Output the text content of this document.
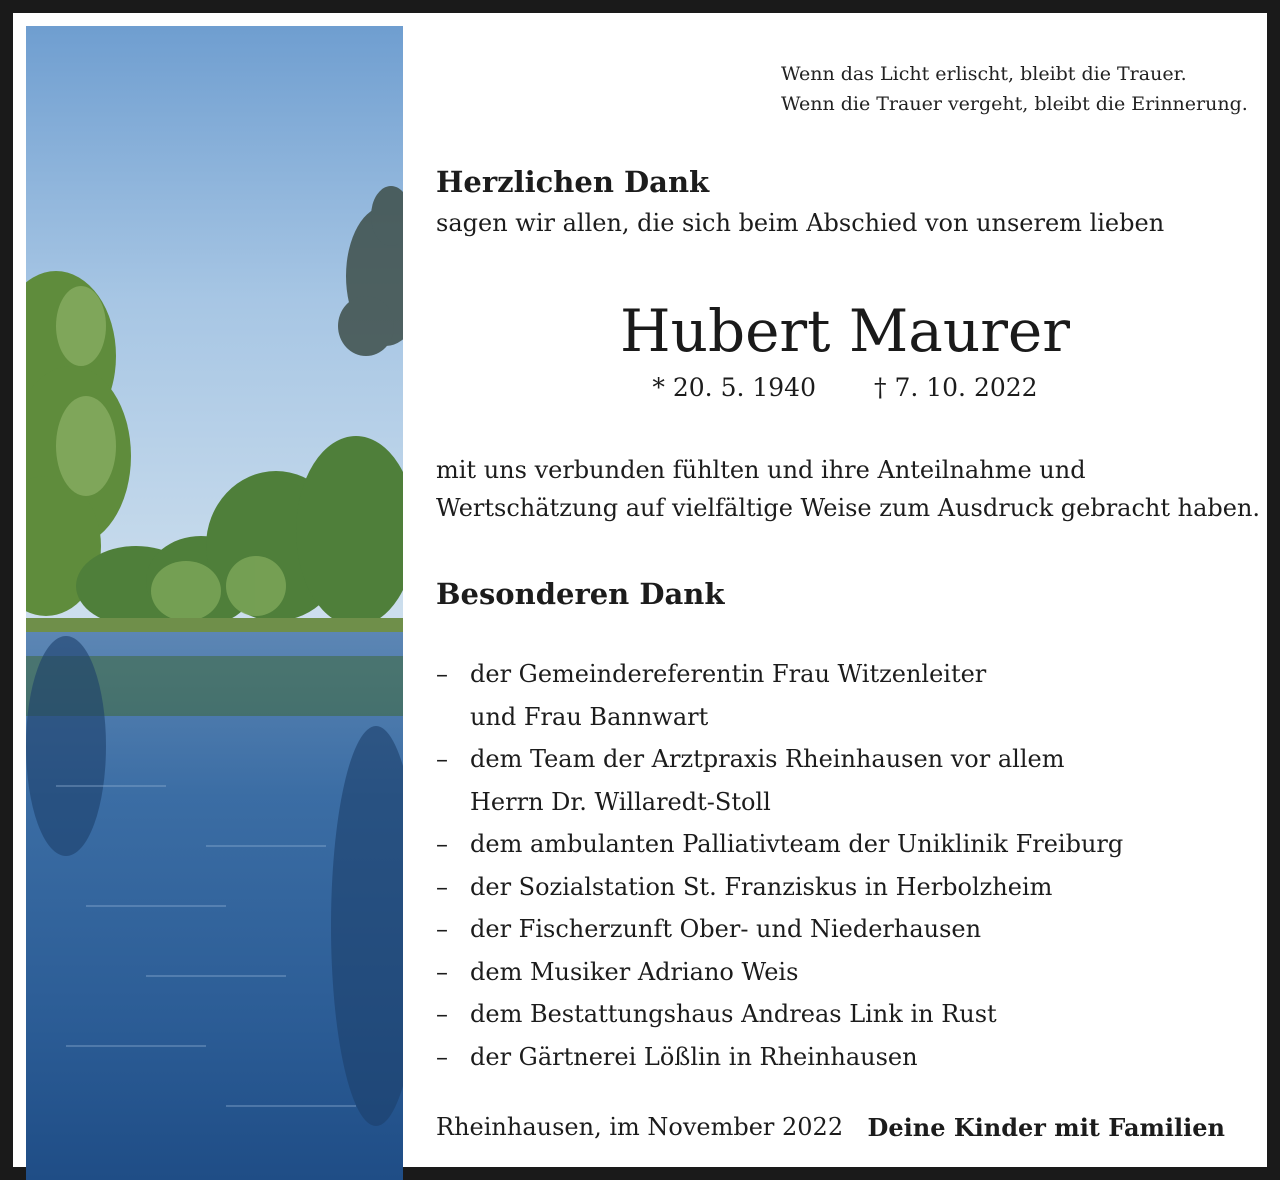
Wenn das Licht erlischt, bleibt die Trauer.
Wenn die Trauer vergeht, bleibt die Erinnerung.
Herzlichen Dank
sagen wir allen, die sich beim Abschied von unserem lieben
Hubert Maurer
* 20. 5. 1940 † 7. 10. 2022
mit uns verbunden fühlten und ihre Anteilnahme und
Wertschätzung auf vielfältige Weise zum Ausdruck gebracht haben.
Besonderen Dank
– der Gemeindereferentin Frau Witzenleiter
und Frau Bannwart
– dem Team der Arztpraxis Rheinhausen vor allem
Herrn Dr. Willaredt-Stoll
– dem ambulanten Palliativteam der Uniklinik Freiburg
– der Sozialstation St. Franziskus in Herbolzheim
– der Fischerzunft Ober- und Niederhausen
– dem Musiker Adriano Weis
– dem Bestattungshaus Andreas Link in Rust
– der Gärtnerei Lößlin in Rheinhausen
Rheinhausen, im November 2022 Deine Kinder mit Familien
